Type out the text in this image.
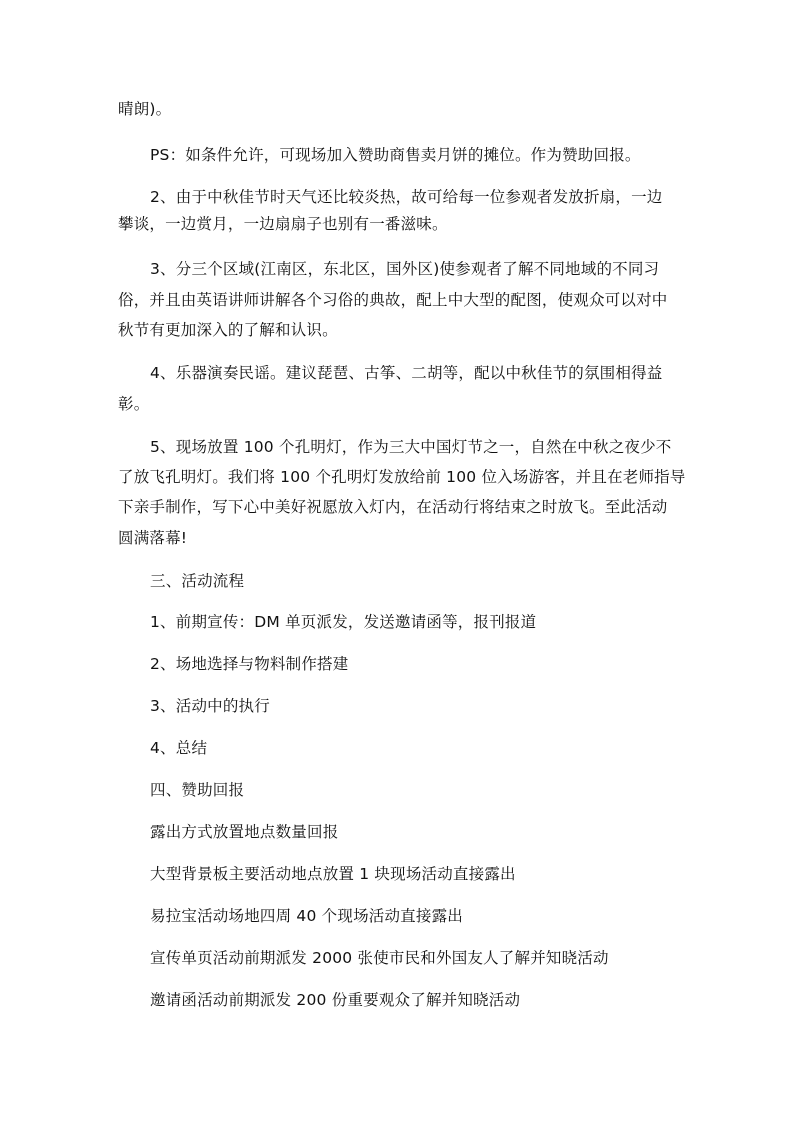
晴朗)。
PS：如条件允许，可现场加入赞助商售卖月饼的摊位。作为赞助回报。
2、由于中秋佳节时天气还比较炎热，故可给每一位参观者发放折扇，一边
攀谈，一边赏月，一边扇扇子也别有一番滋味。
3、分三个区域(江南区，东北区，国外区)使参观者了解不同地域的不同习
俗，并且由英语讲师讲解各个习俗的典故，配上中大型的配图，使观众可以对中
秋节有更加深入的了解和认识。
4、乐器演奏民谣。建议琵琶、古筝、二胡等，配以中秋佳节的氛围相得益
彰。
5、现场放置 100 个孔明灯，作为三大中国灯节之一，自然在中秋之夜少不
了放飞孔明灯。我们将 100 个孔明灯发放给前 100 位入场游客，并且在老师指导
下亲手制作，写下心中美好祝愿放入灯内，在活动行将结束之时放飞。至此活动
圆满落幕!
三、活动流程
1、前期宣传：DM 单页派发，发送邀请函等，报刊报道
2、场地选择与物料制作搭建
3、活动中的执行
4、总结
四、赞助回报
露出方式放置地点数量回报
大型背景板主要活动地点放置 1 块现场活动直接露出
易拉宝活动场地四周 40 个现场活动直接露出
宣传单页活动前期派发 2000 张使市民和外国友人了解并知晓活动
邀请函活动前期派发 200 份重要观众了解并知晓活动
